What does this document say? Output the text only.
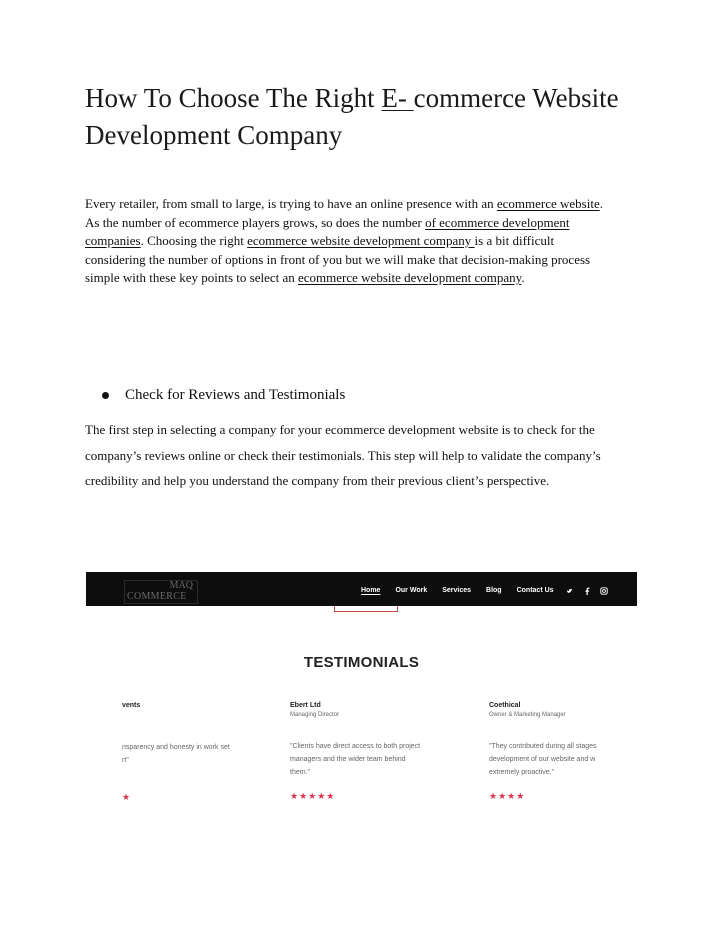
How To Choose The Right E- commerce Website Development Company

Every retailer, from small to large, is trying to have an online presence with an ecommerce website. As the number of ecommerce players grows, so does the number of ecommerce development companies. Choosing the right ecommerce website development company is a bit difficult considering the number of options in front of you but we will make that decision-making process simple with these key points to select an ecommerce website development company.

Check for Reviews and Testimonials

The first step in selecting a company for your ecommerce development website is to check for the company’s reviews online or check their testimonials. This step will help to validate the company’s credibility and help you understand the company from their previous client’s perspective.

MAQ
COMMERCE
Home Our Work Services Blog Contact Us
TESTIMONIALS
vents
nsparency and honesty in work set
rt"
★
Ebert Ltd
Managing Director
"Clients have direct access to both project
managers and the wider team behind
them."
★★★★★
Coethical
Owner & Marketing Manager
"They contributed during all stages
development of our website and w
extremely proactive."
★★★★
